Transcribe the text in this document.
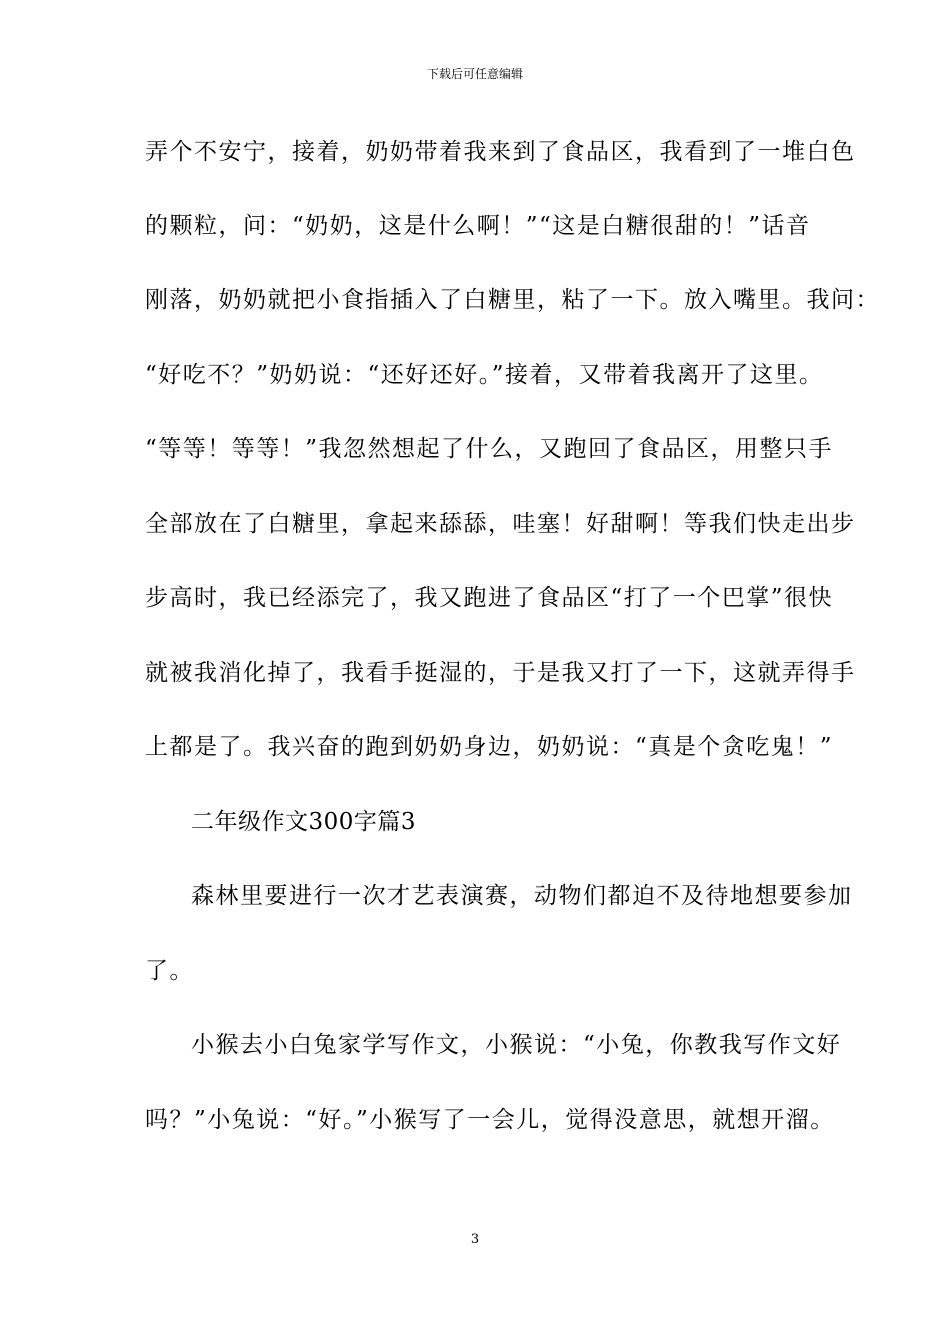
下载后可任意编辑
弄个不安宁，接着，奶奶带着我来到了食品区，我看到了一堆白色
的颗粒，问：“奶奶，这是什么啊！”“这是白糖很甜的！”话音
刚落，奶奶就把小食指插入了白糖里，粘了一下。放入嘴里。我问：
“好吃不？”奶奶说：“还好还好。”接着，又带着我离开了这里。
“等等！等等！”我忽然想起了什么，又跑回了食品区，用整只手
全部放在了白糖里，拿起来舔舔，哇塞！好甜啊！等我们快走出步
步高时，我已经添完了，我又跑进了食品区“打了一个巴掌”很快
就被我消化掉了，我看手挺湿的，于是我又打了一下，这就弄得手
上都是了。我兴奋的跑到奶奶身边，奶奶说：“真是个贪吃鬼！”
二年级作文300字篇3
森林里要进行一次才艺表演赛，动物们都迫不及待地想要参加
了。
小猴去小白兔家学写作文，小猴说：“小兔，你教我写作文好
吗？”小兔说：“好。”小猴写了一会儿，觉得没意思，就想开溜。
3
